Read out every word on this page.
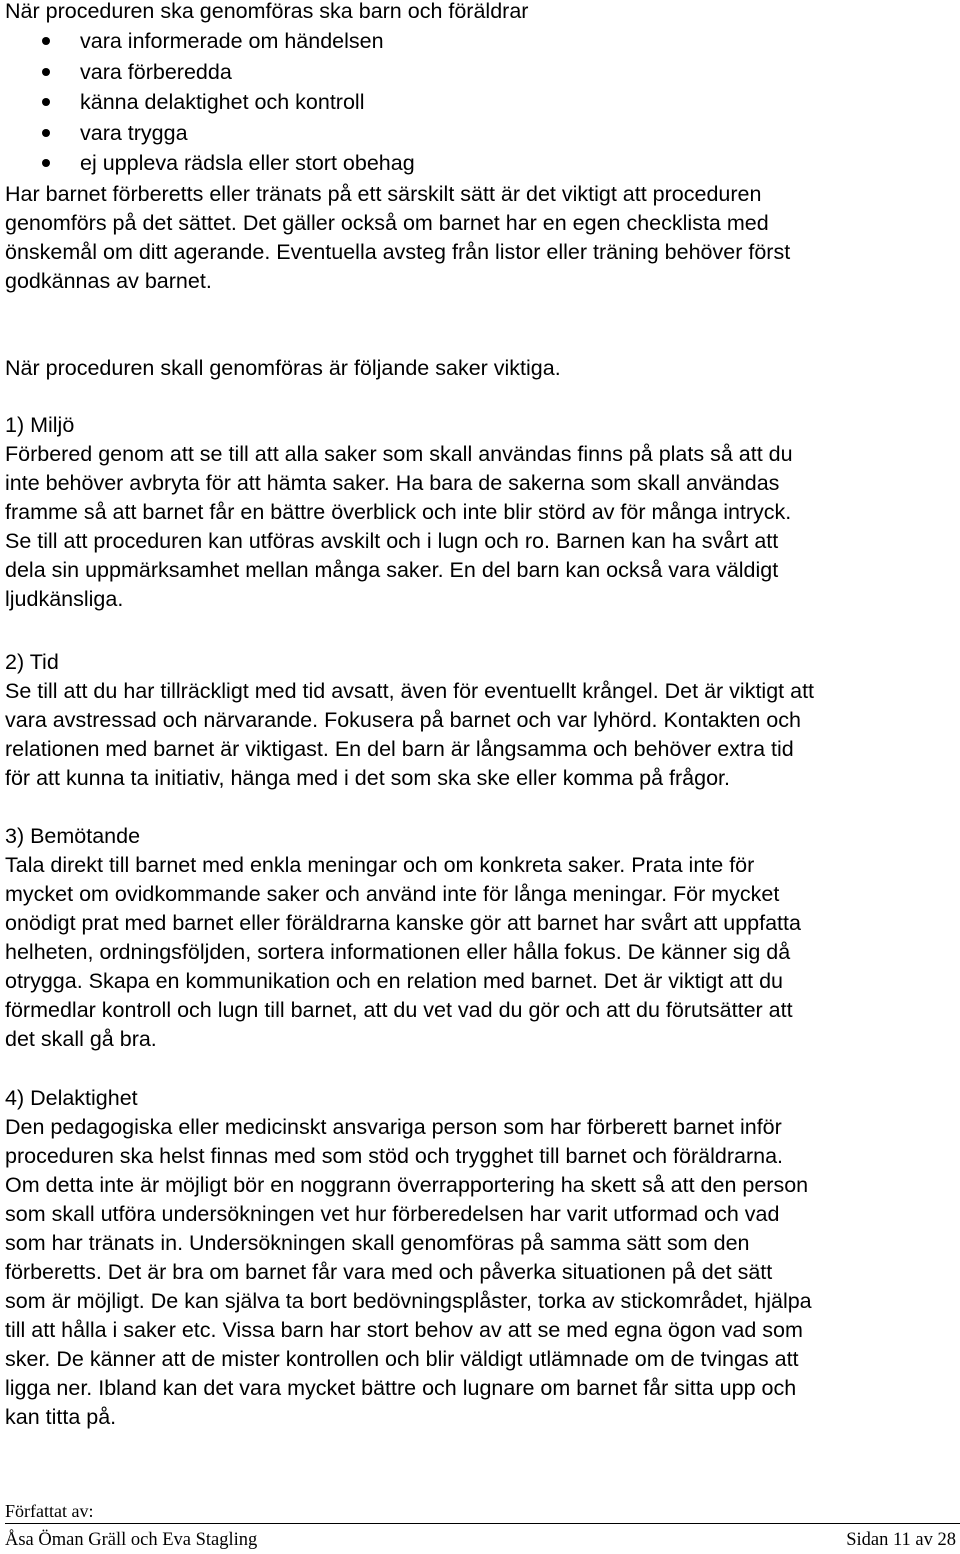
När proceduren ska genomföras ska barn och föräldrar

vara informerade om händelsen
vara förberedda
känna delaktighet och kontroll
vara trygga
ej uppleva rädsla eller stort obehag

Har barnet förberetts eller tränats på ett särskilt sätt är det viktigt att proceduren

genomförs på det sättet. Det gäller också om barnet har en egen checklista med

önskemål om ditt agerande. Eventuella avsteg från listor eller träning behöver först

godkännas av barnet.

När proceduren skall genomföras är följande saker viktiga.

1) Miljö

Förbered genom att se till att alla saker som skall användas finns på plats så att du

inte behöver avbryta för att hämta saker. Ha bara de sakerna som skall användas

framme så att barnet får en bättre överblick och inte blir störd av för många intryck.

Se till att proceduren kan utföras avskilt och i lugn och ro. Barnen kan ha svårt att

dela sin uppmärksamhet mellan många saker. En del barn kan också vara väldigt

ljudkänsliga.

2) Tid

Se till att du har tillräckligt med tid avsatt, även för eventuellt krångel. Det är viktigt att

vara avstressad och närvarande. Fokusera på barnet och var lyhörd. Kontakten och

relationen med barnet är viktigast. En del barn är långsamma och behöver extra tid

för att kunna ta initiativ, hänga med i det som ska ske eller komma på frågor.

3) Bemötande

Tala direkt till barnet med enkla meningar och om konkreta saker. Prata inte för

mycket om ovidkommande saker och använd inte för långa meningar. För mycket

onödigt prat med barnet eller föräldrarna kanske gör att barnet har svårt att uppfatta

helheten, ordningsföljden, sortera informationen eller hålla fokus. De känner sig då

otrygga. Skapa en kommunikation och en relation med barnet. Det är viktigt att du

förmedlar kontroll och lugn till barnet, att du vet vad du gör och att du förutsätter att

det skall gå bra.

4) Delaktighet

Den pedagogiska eller medicinskt ansvariga person som har förberett barnet inför

proceduren ska helst finnas med som stöd och trygghet till barnet och föräldrarna.

Om detta inte är möjligt bör en noggrann överrapportering ha skett så att den person

som skall utföra undersökningen vet hur förberedelsen har varit utformad och vad

som har tränats in. Undersökningen skall genomföras på samma sätt som den

förberetts. Det är bra om barnet får vara med och påverka situationen på det sätt

som är möjligt. De kan själva ta bort bedövningsplåster, torka av stickområdet, hjälpa

till att hålla i saker etc. Vissa barn har stort behov av att se med egna ögon vad som

sker. De känner att de mister kontrollen och blir väldigt utlämnade om de tvingas att

ligga ner. Ibland kan det vara mycket bättre och lugnare om barnet får sitta upp och

kan titta på.

Författat av:
Åsa Öman Gräll och Eva Stagling	Sidan 11 av 28
